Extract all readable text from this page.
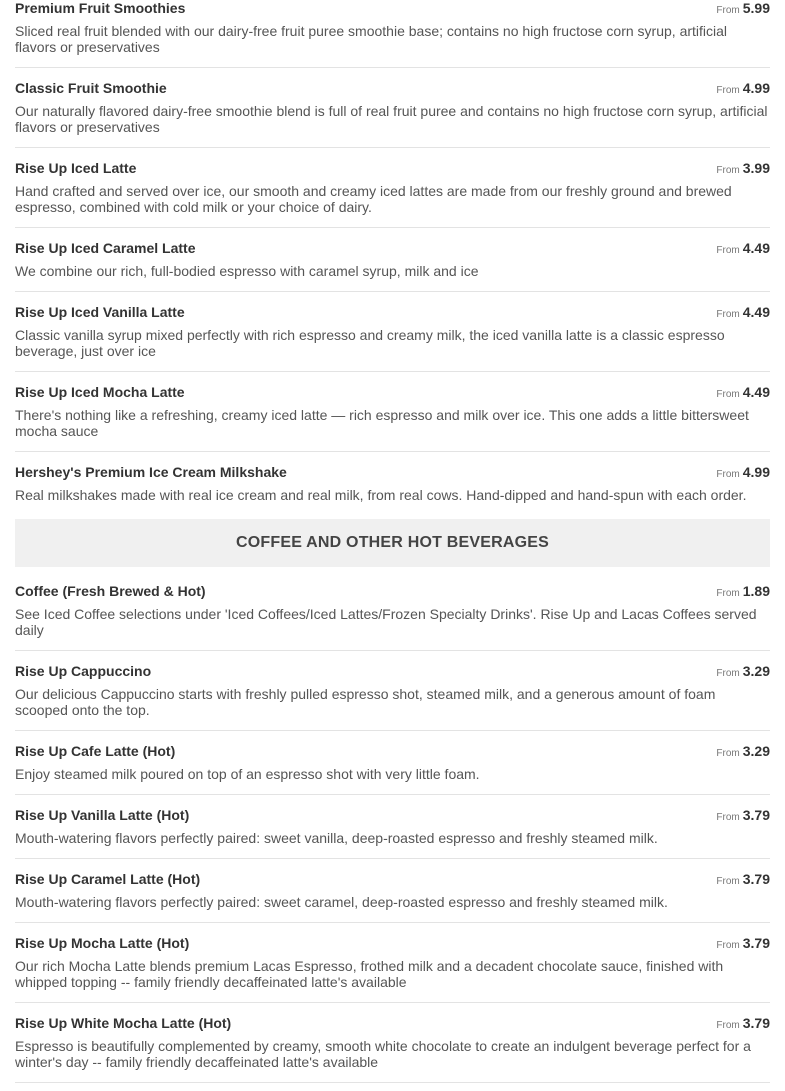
Premium Fruit Smoothies	From 5.99
Sliced real fruit blended with our dairy-free fruit puree smoothie base; contains no high fructose corn syrup, artificial flavors or preservatives
Classic Fruit Smoothie	From 4.99
Our naturally flavored dairy-free smoothie blend is full of real fruit puree and contains no high fructose corn syrup, artificial flavors or preservatives
Rise Up Iced Latte	From 3.99
Hand crafted and served over ice, our smooth and creamy iced lattes are made from our freshly ground and brewed espresso, combined with cold milk or your choice of dairy.
Rise Up Iced Caramel Latte	From 4.49
We combine our rich, full-bodied espresso with caramel syrup, milk and ice
Rise Up Iced Vanilla Latte	From 4.49
Classic vanilla syrup mixed perfectly with rich espresso and creamy milk, the iced vanilla latte is a classic espresso beverage, just over ice
Rise Up Iced Mocha Latte	From 4.49
There's nothing like a refreshing, creamy iced latte — rich espresso and milk over ice. This one adds a little bittersweet mocha sauce
Hershey's Premium Ice Cream Milkshake	From 4.99
Real milkshakes made with real ice cream and real milk, from real cows. Hand-dipped and hand-spun with each order.
COFFEE AND OTHER HOT BEVERAGES
Coffee (Fresh Brewed & Hot)	From 1.89
See Iced Coffee selections under 'Iced Coffees/Iced Lattes/Frozen Specialty Drinks'. Rise Up and Lacas Coffees served daily
Rise Up Cappuccino	From 3.29
Our delicious Cappuccino starts with freshly pulled espresso shot, steamed milk, and a generous amount of foam scooped onto the top.
Rise Up Cafe Latte (Hot)	From 3.29
Enjoy steamed milk poured on top of an espresso shot with very little foam.
Rise Up Vanilla Latte (Hot)	From 3.79
Mouth-watering flavors perfectly paired: sweet vanilla, deep-roasted espresso and freshly steamed milk.
Rise Up Caramel Latte (Hot)	From 3.79
Mouth-watering flavors perfectly paired: sweet caramel, deep-roasted espresso and freshly steamed milk.
Rise Up Mocha Latte (Hot)	From 3.79
Our rich Mocha Latte blends premium Lacas Espresso, frothed milk and a decadent chocolate sauce, finished with whipped topping -- family friendly decaffeinated latte's available
Rise Up White Mocha Latte (Hot)	From 3.79
Espresso is beautifully complemented by creamy, smooth white chocolate to create an indulgent beverage perfect for a winter's day -- family friendly decaffeinated latte's available
